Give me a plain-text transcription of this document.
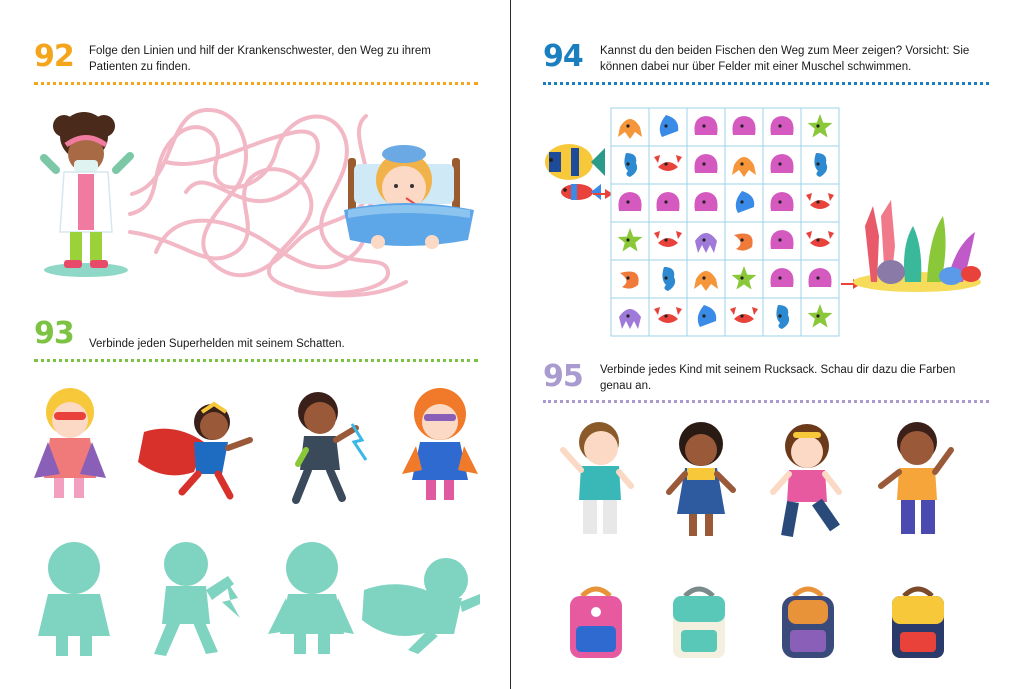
92 Folge den Linien und hilf der Krankenschwester, den Weg zu ihrem Patienten zu finden.
93 Verbinde jeden Superhelden mit seinem Schatten.
94 Kannst du den beiden Fischen den Weg zum Meer zeigen? Vorsicht: Sie können dabei nur über Felder mit einer Muschel schwimmen.
95 Verbinde jedes Kind mit seinem Rucksack. Schau dir dazu die Farben genau an.
